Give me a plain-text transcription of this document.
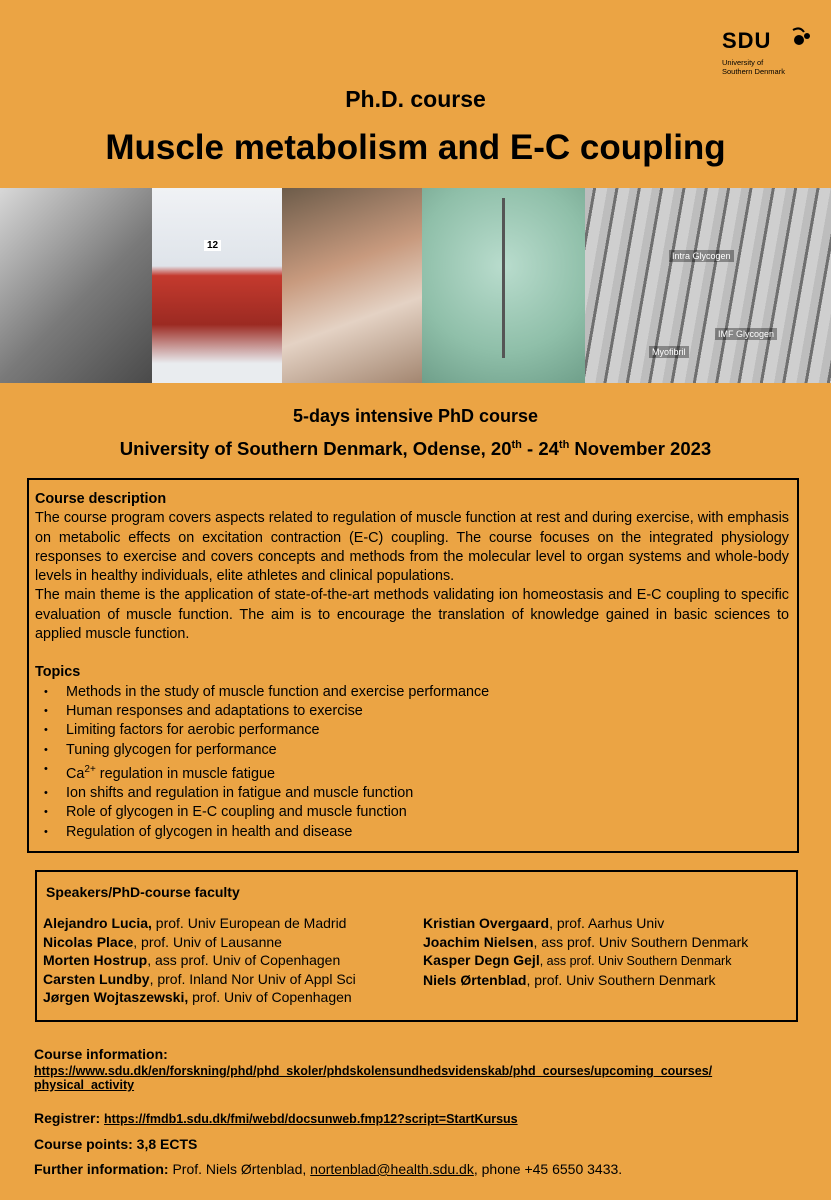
SDU
University of
Southern Denmark
Ph.D. course
Muscle metabolism and E-C coupling
12
Intra Glycogen
IMF Glycogen
Myofibril
5-days intensive PhD course
University of Southern Denmark, Odense, 20th - 24th November 2023
Course description

The course program covers aspects related to regulation of muscle function at rest and during exercise, with emphasis on metabolic effects on excitation contraction (E-C) coupling. The course focuses on the integrated physiology responses to exercise and covers concepts and methods from the molecular level to organ systems and whole-body levels in healthy individuals, elite athletes and clinical populations.

The main theme is the application of state-of-the-art methods validating ion homeostasis and E-C coupling to specific evaluation of muscle function. The aim is to encourage the translation of knowledge gained in basic sciences to applied muscle function.

Topics
• Methods in the study of muscle function and exercise performance
• Human responses and adaptations to exercise
• Limiting factors for aerobic performance
• Tuning glycogen for performance
• $Ca^{2+}$ regulation in muscle fatigue
• Ion shifts and regulation in fatigue and muscle function
• Role of glycogen in E-C coupling and muscle function
• Regulation of glycogen in health and disease
Speakers/PhD-course faculty
Alejandro Lucia, prof. Univ European de Madrid
Nicolas Place, prof. Univ of Lausanne
Morten Hostrup, ass prof. Univ of Copenhagen
Carsten Lundby, prof. Inland Nor Univ of Appl Sci
Jørgen Wojtaszewski, prof. Univ of Copenhagen
Kristian Overgaard, prof. Aarhus Univ
Joachim Nielsen, ass prof. Univ Southern Denmark
Kasper Degn Gejl, ass prof. Univ Southern Denmark
Niels Ørtenblad, prof. Univ Southern Denmark
Course information:
https://www.sdu.dk/en/forskning/phd/phd_skoler/phdskolensundhedsvidenskab/phd_courses/upcoming_courses/
physical_activity
Registrer: https://fmdb1.sdu.dk/fmi/webd/docsunweb.fmp12?script=StartKursus
Course points: 3,8 ECTS
Further information: Prof. Niels Ørtenblad, nortenblad@health.sdu.dk, phone +45 6550 3433.
